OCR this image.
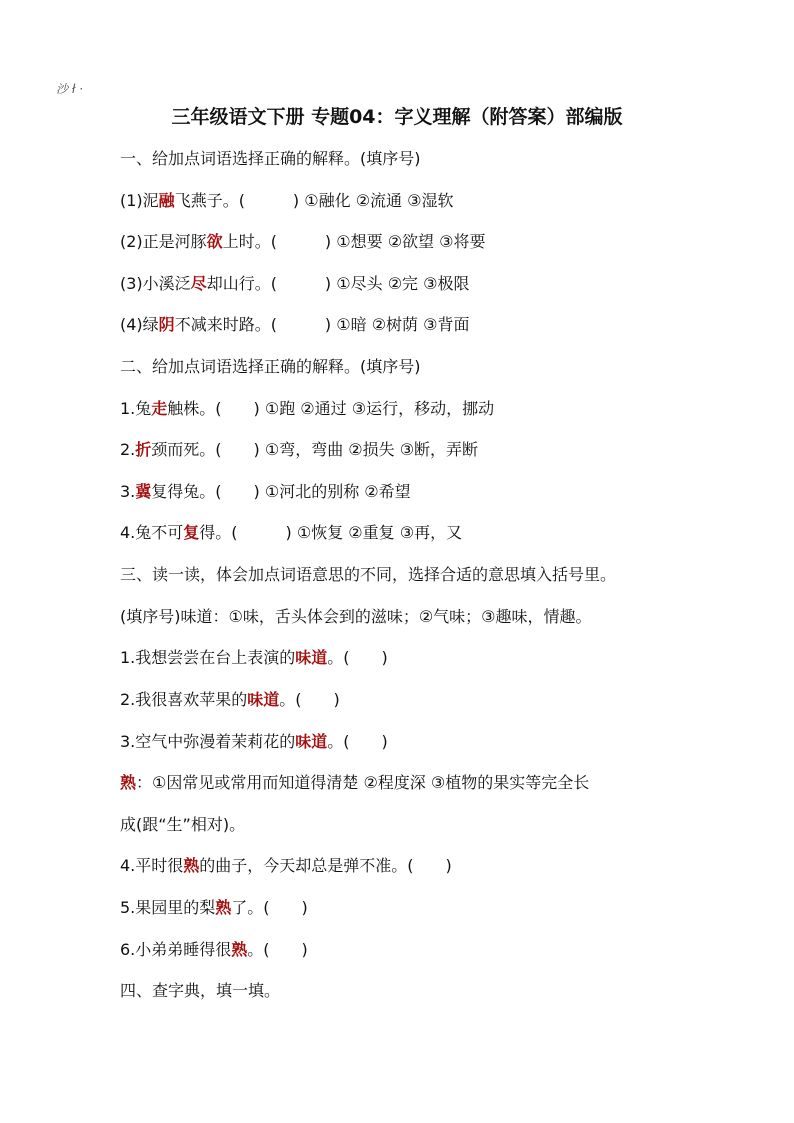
沙 ł ·
三年级语文下册 专题04：字义理解（附答案）部编版
一、给加点词语选择正确的解释。(填序号)
(1)泥融飞燕子。(　　　) ①融化 ②流通 ③湿软
(2)正是河豚欲上时。(　　　) ①想要 ②欲望 ③将要
(3)小溪泛尽却山行。(　　　) ①尽头 ②完 ③极限
(4)绿阴不减来时路。(　　　) ①暗 ②树荫 ③背面
二、给加点词语选择正确的解释。(填序号)
1.兔走触株。(　　) ①跑 ②通过 ③运行，移动，挪动
2.折颈而死。(　　) ①弯，弯曲 ②损失 ③断，弄断
3.冀复得兔。(　　) ①河北的别称 ②希望
4.兔不可复得。(　　　) ①恢复 ②重复 ③再，又
三、读一读，体会加点词语意思的不同，选择合适的意思填入括号里。
(填序号)味道：①味，舌头体会到的滋味；②气味；③趣味，情趣。
1.我想尝尝在台上表演的味道。(　　)
2.我很喜欢苹果的味道。(　　)
3.空气中弥漫着茉莉花的味道。(　　)
熟：①因常见或常用而知道得清楚 ②程度深 ③植物的果实等完全长
成(跟“生”相对)。
4.平时很熟的曲子，今天却总是弹不准。(　　)
5.果园里的梨熟了。(　　)
6.小弟弟睡得很熟。(　　)
四、查字典，填一填。
